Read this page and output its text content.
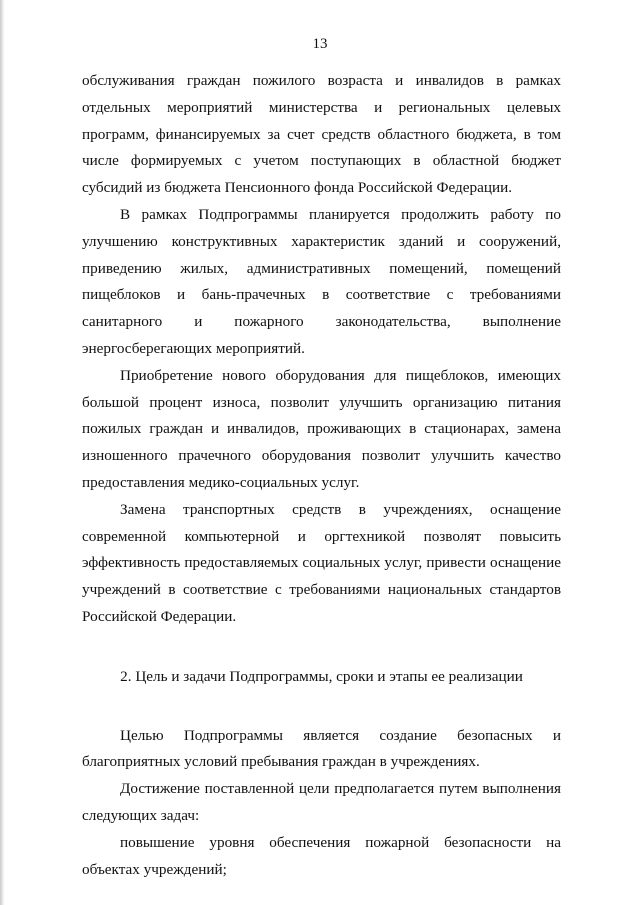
13

обслуживания граждан пожилого возраста и инвалидов в рамках отдельных мероприятий министерства и региональных целевых программ, финансируемых за счет средств областного бюджета, в том числе формируемых с учетом поступающих в областной бюджет субсидий из бюджета Пенсионного фонда Российской Федерации.

В рамках Подпрограммы планируется продолжить работу по улучшению конструктивных характеристик зданий и сооружений, приведению жилых, административных помещений, помещений пищеблоков и бань-прачечных в соответствие с требованиями санитарного и пожарного законодательства, выполнение энергосберегающих мероприятий.

Приобретение нового оборудования для пищеблоков, имеющих большой процент износа, позволит улучшить организацию питания пожилых граждан и инвалидов, проживающих в стационарах, замена изношенного прачечного оборудования позволит улучшить качество предоставления медико-социальных услуг.

Замена транспортных средств в учреждениях, оснащение современной компьютерной и оргтехникой позволят повысить эффективность предоставляемых социальных услуг, привести оснащение учреждений в соответствие с требованиями национальных стандартов Российской Федерации.

2. Цель и задачи Подпрограммы, сроки и этапы ее реализации

Целью Подпрограммы является создание безопасных и благоприятных условий пребывания граждан в учреждениях.

Достижение поставленной цели предполагается путем выполнения следующих задач:

повышение уровня обеспечения пожарной безопасности на объектах учреждений;
